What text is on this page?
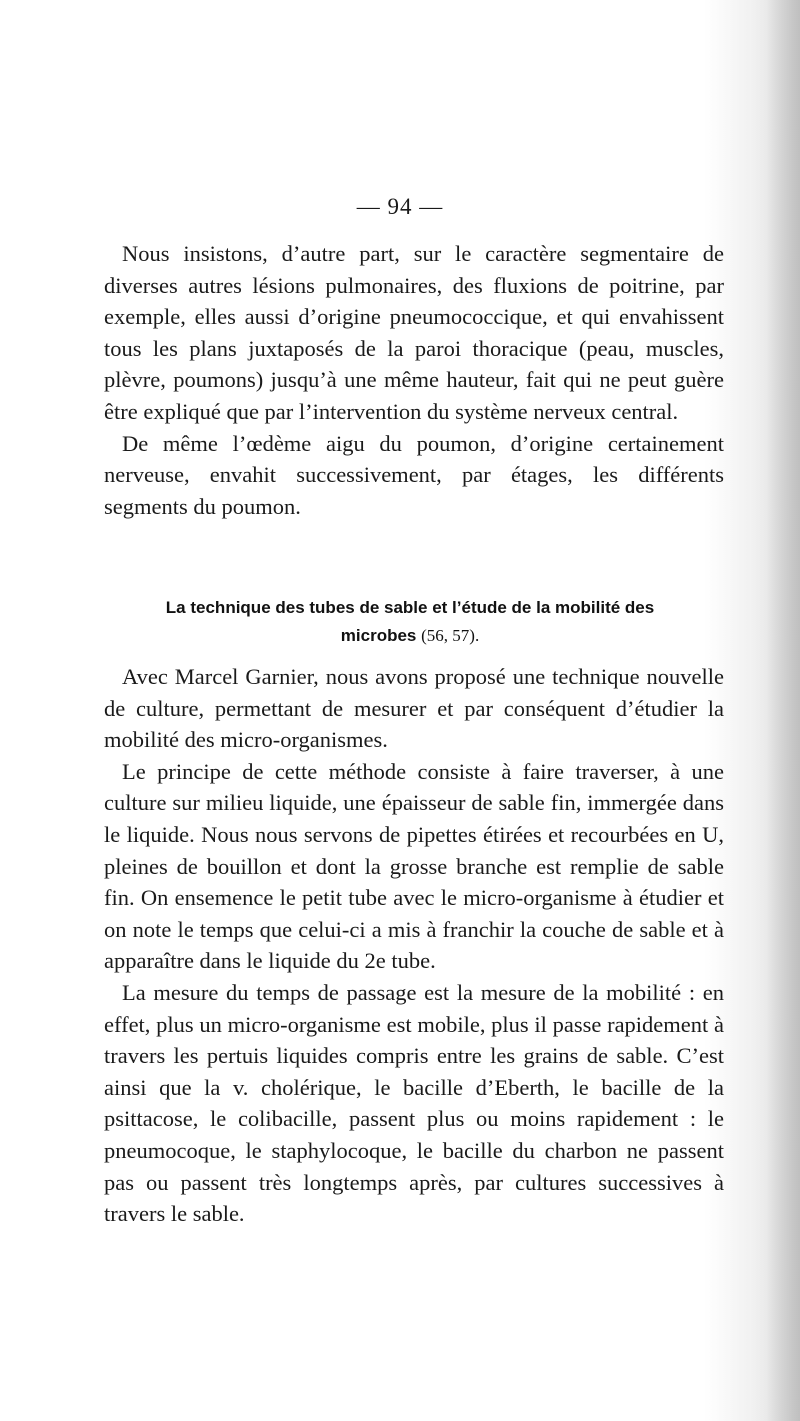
— 94 —

Nous insistons, d’autre part, sur le caractère segmentaire de diverses autres lésions pulmonaires, des fluxions de poitrine, par exemple, elles aussi d’origine pneumococcique, et qui envahissent tous les plans juxtaposés de la paroi thoracique (peau, muscles, plèvre, poumons) jusqu’à une même hauteur, fait qui ne peut guère être expliqué que par l’intervention du système nerveux central.

De même l’œdème aigu du poumon, d’origine certainement nerveuse, envahit successivement, par étages, les différents segments du poumon.

La technique des tubes de sable et l’étude de la mobilité des microbes (56, 57).

Avec Marcel Garnier, nous avons proposé une technique nouvelle de culture, permettant de mesurer et par conséquent d’étudier la mobilité des micro-organismes.

Le principe de cette méthode consiste à faire traverser, à une culture sur milieu liquide, une épaisseur de sable fin, immergée dans le liquide. Nous nous servons de pipettes étirées et recourbées en U, pleines de bouillon et dont la grosse branche est remplie de sable fin. On ensemence le petit tube avec le micro-organisme à étudier et on note le temps que celui-ci a mis à franchir la couche de sable et à apparaître dans le liquide du 2e tube.

La mesure du temps de passage est la mesure de la mobilité : en effet, plus un micro-organisme est mobile, plus il passe rapidement à travers les pertuis liquides compris entre les grains de sable. C’est ainsi que la v. cholérique, le bacille d’Eberth, le bacille de la psittacose, le colibacille, passent plus ou moins rapidement : le pneumocoque, le staphylocoque, le bacille du charbon ne passent pas ou passent très longtemps après, par cultures successives à travers le sable.
